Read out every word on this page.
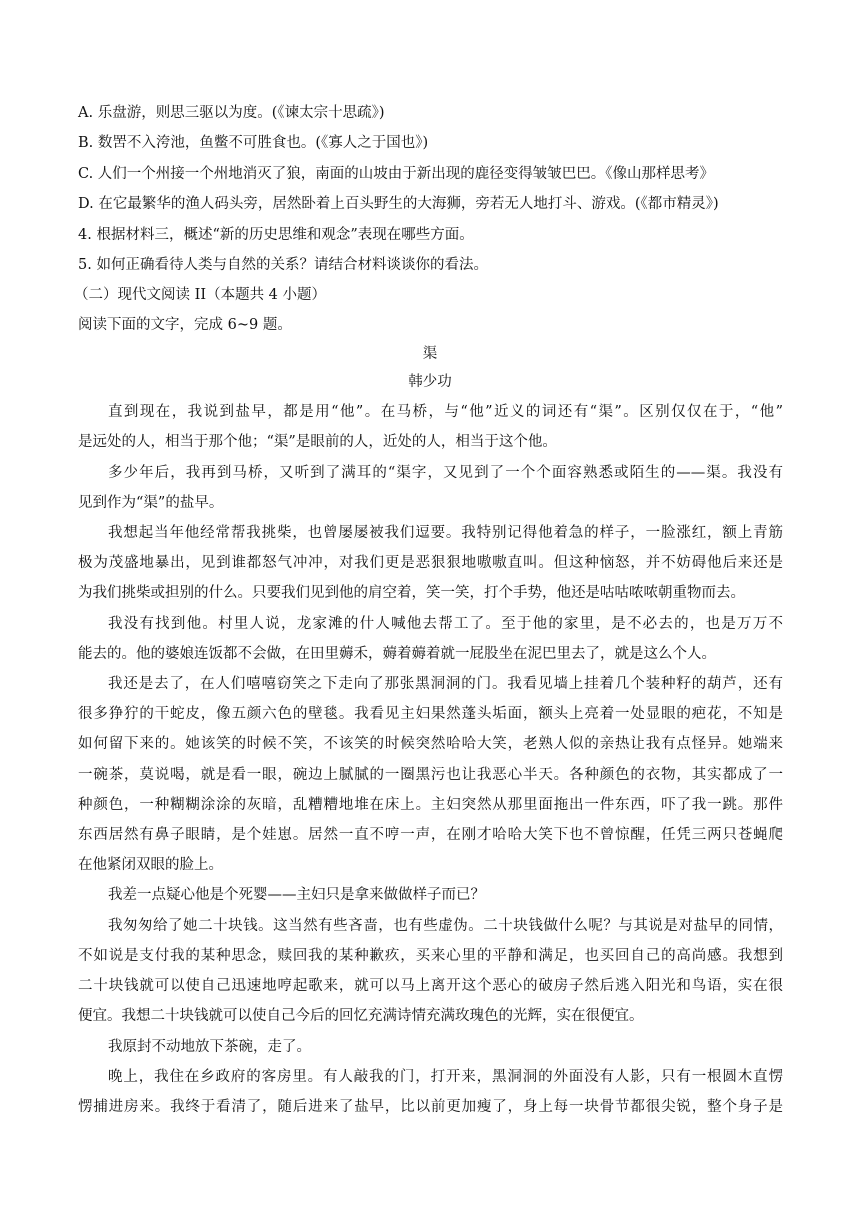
A. 乐盘游，则思三驱以为度。(《谏太宗十思疏》)
B. 数罟不入洿池，鱼鳖不可胜食也。(《寡人之于国也》)
C. 人们一个州接一个州地消灭了狼，南面的山坡由于新出现的鹿径变得皱皱巴巴。《像山那样思考》
D. 在它最繁华的渔人码头旁，居然卧着上百头野生的大海狮，旁若无人地打斗、游戏。(《都市精灵》)
4. 根据材料三，概述“新的历史思维和观念”表现在哪些方面。
5. 如何正确看待人类与自然的关系？请结合材料谈谈你的看法。
（二）现代文阅读 II（本题共 4 小题）
阅读下面的文字，完成 6~9 题。
渠
韩少功
直到现在，我说到盐早，都是用“他”。在马桥，与“他”近义的词还有“渠”。区别仅仅在于，“他”
是远处的人，相当于那个他；“渠”是眼前的人，近处的人，相当于这个他。
多少年后，我再到马桥，又听到了满耳的“渠字，又见到了一个个面容熟悉或陌生的——渠。我没有
见到作为“渠”的盐早。
我想起当年他经常帮我挑柴，也曾屡屡被我们逗要。我特别记得他着急的样子，一脸涨红，额上青筋
极为茂盛地暴出，见到谁都怒气冲冲，对我们更是恶狠狠地嗷嗷直叫。但这种恼怒，并不妨碍他后来还是
为我们挑柴或担别的什么。只要我们见到他的肩空着，笑一笑，打个手势，他还是咕咕哝哝朝重物而去。
我没有找到他。村里人说，龙家滩的什人喊他去帮工了。至于他的家里，是不必去的，也是万万不
能去的。他的婆娘连饭都不会做，在田里薅禾，薅着薅着就一屁股坐在泥巴里去了，就是这么个人。
我还是去了，在人们嘻嘻窃笑之下走向了那张黑洞洞的门。我看见墙上挂着几个装种籽的葫芦，还有
很多狰狞的干蛇皮，像五颜六色的壁毯。我看见主妇果然蓬头垢面，额头上亮着一处显眼的疤花，不知是
如何留下来的。她该笑的时候不笑，不该笑的时候突然哈哈大笑，老熟人似的亲热让我有点怪异。她端来
一碗茶，莫说喝，就是看一眼，碗边上腻腻的一圈黑污也让我恶心半天。各种颜色的衣物，其实都成了一
种颜色，一种糊糊涂涂的灰暗，乱糟糟地堆在床上。主妇突然从那里面拖出一件东西，吓了我一跳。那件
东西居然有鼻子眼睛，是个娃崽。居然一直不哼一声，在刚才哈哈大笑下也不曾惊醒，任凭三两只苍蝇爬
在他紧闭双眼的脸上。
我差一点疑心他是个死婴——主妇只是拿来做做样子而已？
我匆匆给了她二十块钱。这当然有些吝啬，也有些虚伪。二十块钱做什么呢？与其说是对盐早的同情，
不如说是支付我的某种思念，赎回我的某种歉疚，买来心里的平静和满足，也买回自己的高尚感。我想到
二十块钱就可以使自己迅速地哼起歌来，就可以马上离开这个恶心的破房子然后逃入阳光和鸟语，实在很
便宜。我想二十块钱就可以使自己今后的回忆充满诗情充满玫瑰色的光辉，实在很便宜。
我原封不动地放下茶碗，走了。
晚上，我住在乡政府的客房里。有人敲我的门，打开来，黑洞洞的外面没有人影，只有一根圆木直愣
愣捕进房来。我终于看清了，随后进来了盐早，比以前更加瘦了，身上每一块骨节都很尖锐，整个身子是
